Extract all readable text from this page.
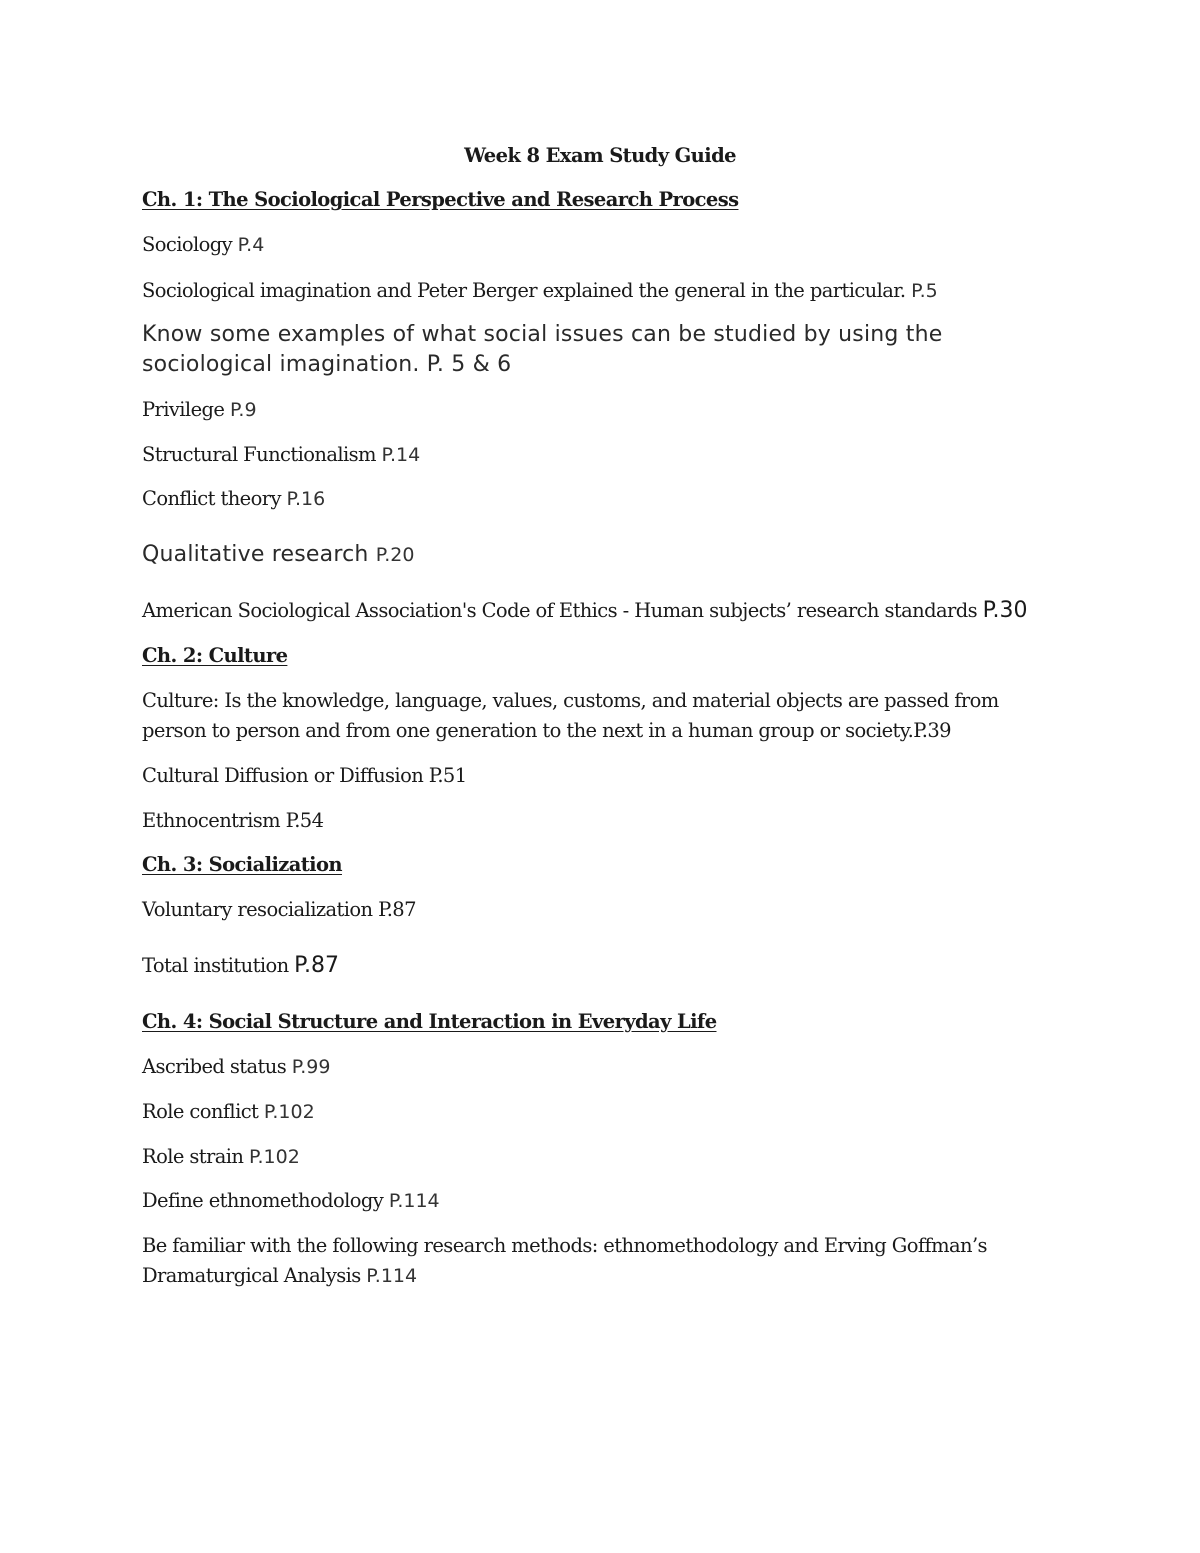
Week 8 Exam Study Guide

Ch. 1: The Sociological Perspective and Research Process

Sociology P.4

Sociological imagination and Peter Berger explained the general in the particular. P.5

Know some examples of what social issues can be studied by using the sociological imagination. P. 5 & 6

Privilege P.9

Structural Functionalism P.14

Conflict theory P.16

Qualitative research P.20

American Sociological Association's Code of Ethics - Human subjects’ research standards P.30

Ch. 2: Culture

Culture: Is the knowledge, language, values, customs, and material objects are passed from person to person and from one generation to the next in a human group or society.P.39

Cultural Diffusion or Diffusion P.51

Ethnocentrism P.54

Ch. 3: Socialization

Voluntary resocialization P.87

Total institution P.87

Ch. 4: Social Structure and Interaction in Everyday Life

Ascribed status P.99

Role conflict P.102

Role strain P.102

Define ethnomethodology P.114

Be familiar with the following research methods: ethnomethodology and Erving Goffman’s Dramaturgical Analysis P.114
